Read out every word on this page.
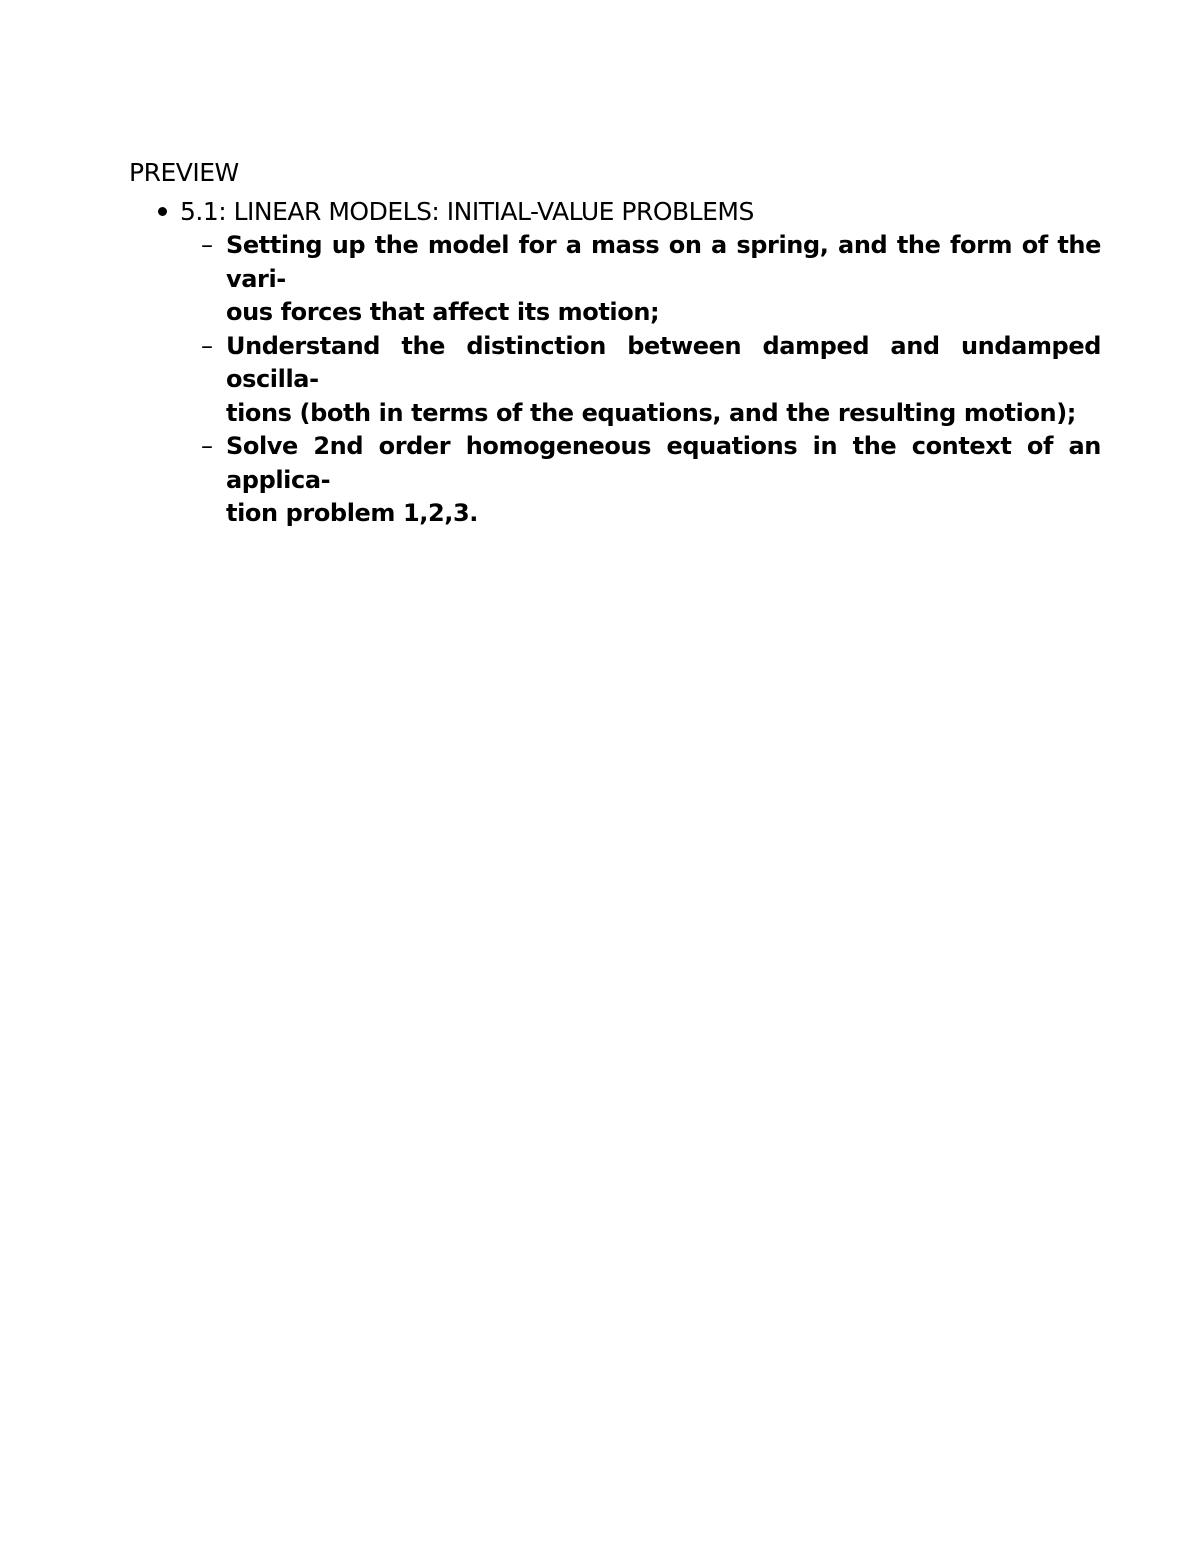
PREVIEW
5.1: LINEAR MODELS: INITIAL-VALUE PROBLEMS
– Setting up the model for a mass on a spring, and the form of the vari-
ous forces that affect its motion;
– Understand the distinction between damped and undamped oscilla-
tions (both in terms of the equations, and the resulting motion);
– Solve 2nd order homogeneous equations in the context of an applica-
tion problem 1,2,3.
